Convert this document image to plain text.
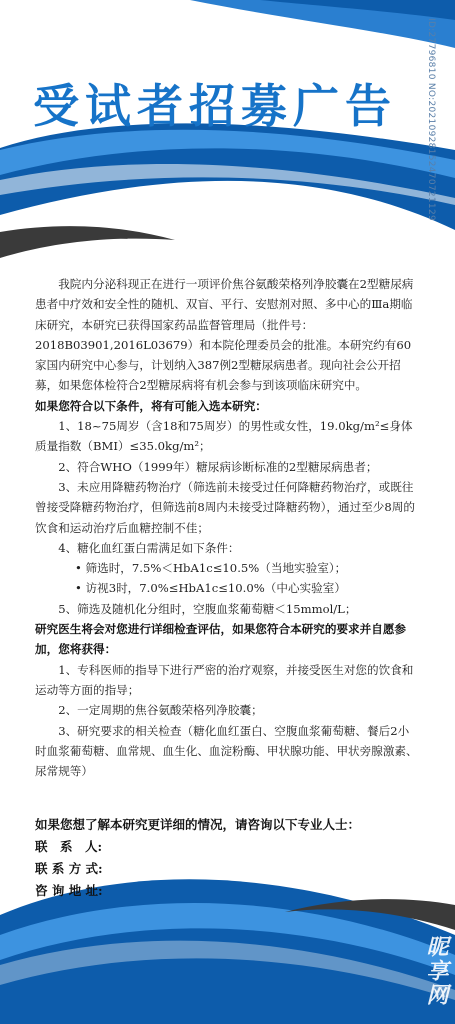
受试者招募广告	ID:27796810 NO:20210928152470721129

我院内分泌科现正在进行一项评价焦谷氨酸荣格列净胶囊在2型糖尿病患者中疗效和安全性的随机、双盲、平行、安慰剂对照、多中心的Ⅲa期临床研究，本研究已获得国家药品监督管理局（批件号：2018B03901,2016L03679）和本院伦理委员会的批准。本研究约有60家国内研究中心参与，计划纳入387例2型糖尿病患者。现向社会公开招募，如果您体检符合2型糖尿病将有机会参与到该项临床研究中。

如果您符合以下条件，将有可能入选本研究：

1、18~75周岁（含18和75周岁）的男性或女性，19.0kg/m²≤身体质量指数（BMI）≤35.0kg/m²；

2、符合WHO（1999年）糖尿病诊断标准的2型糖尿病患者；

3、未应用降糖药物治疗（筛选前未接受过任何降糖药物治疗，或既往曾接受降糖药物治疗，但筛选前8周内未接受过降糖药物），通过至少8周的饮食和运动治疗后血糖控制不佳；

4、糖化血红蛋白需满足如下条件：

• 筛选时，7.5%＜HbA1c≤10.5%（当地实验室）；

• 访视3时，7.0%≤HbA1c≤10.0%（中心实验室）

5、筛选及随机化分组时，空腹血浆葡萄糖＜15mmol/L；

研究医生将会对您进行详细检查评估，如果您符合本研究的要求并自愿参加，您将获得：

1、专科医师的指导下进行严密的治疗观察，并接受医生对您的饮食和运动等方面的指导；

2、一定周期的焦谷氨酸荣格列净胶囊；

3、研究要求的相关检查（糖化血红蛋白、空腹血浆葡萄糖、餐后2小时血浆葡萄糖、血常规、血生化、血淀粉酶、甲状腺功能、甲状旁腺激素、尿常规等）

如果您想了解本研究更详细的情况，请咨询以下专业人士：
联　系　人:
联 系 方 式:
咨 询 地 址:	www.nipic.cn
昵享网
